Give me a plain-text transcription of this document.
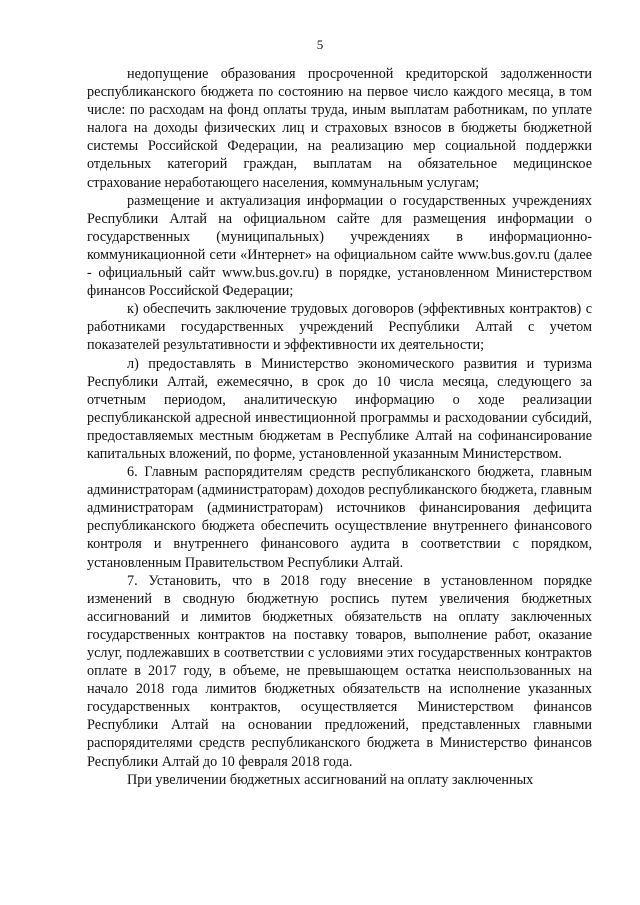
5

недопущение образования просроченной кредиторской задолженности республиканского бюджета по состоянию на первое число каждого месяца, в том числе: по расходам на фонд оплаты труда, иным выплатам работникам, по уплате налога на доходы физических лиц и страховых взносов в бюджеты бюджетной системы Российской Федерации, на реализацию мер социальной поддержки отдельных категорий граждан, выплатам на обязательное медицинское страхование неработающего населения, коммунальным услугам;

размещение и актуализация информации о государственных учреждениях Республики Алтай на официальном сайте для размещения информации о государственных (муниципальных) учреждениях в информационно-коммуникационной сети «Интернет» на официальном сайте www.bus.gov.ru (далее - официальный сайт www.bus.gov.ru) в порядке, установленном Министерством финансов Российской Федерации;

к) обеспечить заключение трудовых договоров (эффективных контрактов) с работниками государственных учреждений Республики Алтай с учетом показателей результативности и эффективности их деятельности;

л) предоставлять в Министерство экономического развития и туризма Республики Алтай, ежемесячно, в срок до 10 числа месяца, следующего за отчетным периодом, аналитическую информацию о ходе реализации республиканской адресной инвестиционной программы и расходовании субсидий, предоставляемых местным бюджетам в Республике Алтай на софинансирование капитальных вложений, по форме, установленной указанным Министерством.

6. Главным распорядителям средств республиканского бюджета, главным администраторам (администраторам) доходов республиканского бюджета, главным администраторам (администраторам) источников финансирования дефицита республиканского бюджета обеспечить осуществление внутреннего финансового контроля и внутреннего финансового аудита в соответствии с порядком, установленным Правительством Республики Алтай.

7. Установить, что в 2018 году внесение в установленном порядке изменений в сводную бюджетную роспись путем увеличения бюджетных ассигнований и лимитов бюджетных обязательств на оплату заключенных государственных контрактов на поставку товаров, выполнение работ, оказание услуг, подлежавших в соответствии с условиями этих государственных контрактов оплате в 2017 году, в объеме, не превышающем остатка неиспользованных на начало 2018 года лимитов бюджетных обязательств на исполнение указанных государственных контрактов, осуществляется Министерством финансов Республики Алтай на основании предложений, представленных главными распорядителями средств республиканского бюджета в Министерство финансов Республики Алтай до 10 февраля 2018 года.

При увеличении бюджетных ассигнований на оплату заключенных
